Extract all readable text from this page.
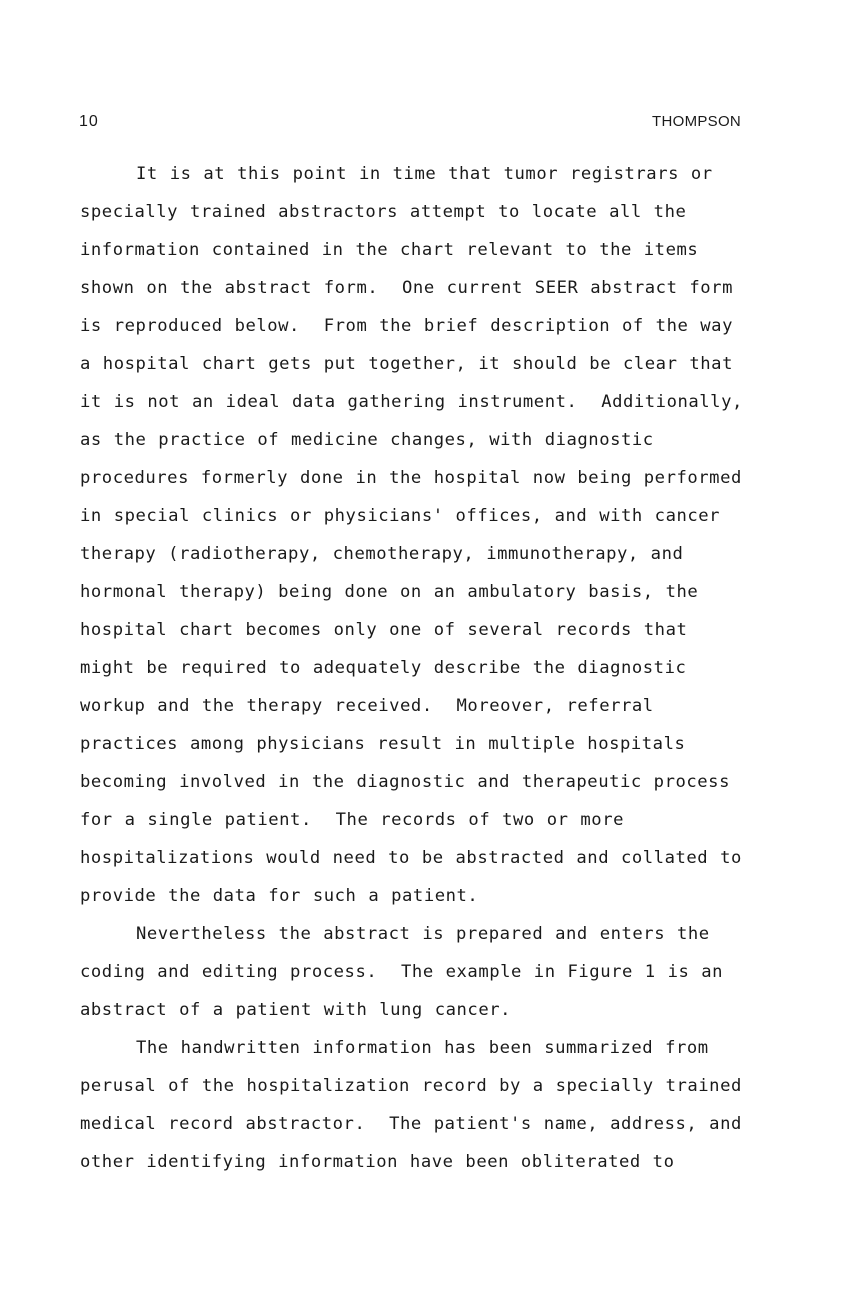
10	THOMPSON
It is at this point in time that tumor registrars or
specially trained abstractors attempt to locate all the
information contained in the chart relevant to the items
shown on the abstract form.  One current SEER abstract form
is reproduced below.  From the brief description of the way
a hospital chart gets put together, it should be clear that
it is not an ideal data gathering instrument.  Additionally,
as the practice of medicine changes, with diagnostic
procedures formerly done in the hospital now being performed
in special clinics or physicians' offices, and with cancer
therapy (radiotherapy, chemotherapy, immunotherapy, and
hormonal therapy) being done on an ambulatory basis, the
hospital chart becomes only one of several records that
might be required to adequately describe the diagnostic
workup and the therapy received.  Moreover, referral
practices among physicians result in multiple hospitals
becoming involved in the diagnostic and therapeutic process
for a single patient.  The records of two or more
hospitalizations would need to be abstracted and collated to
provide the data for such a patient.
Nevertheless the abstract is prepared and enters the
coding and editing process.  The example in Figure 1 is an
abstract of a patient with lung cancer.
The handwritten information has been summarized from
perusal of the hospitalization record by a specially trained
medical record abstractor.  The patient's name, address, and
other identifying information have been obliterated to
